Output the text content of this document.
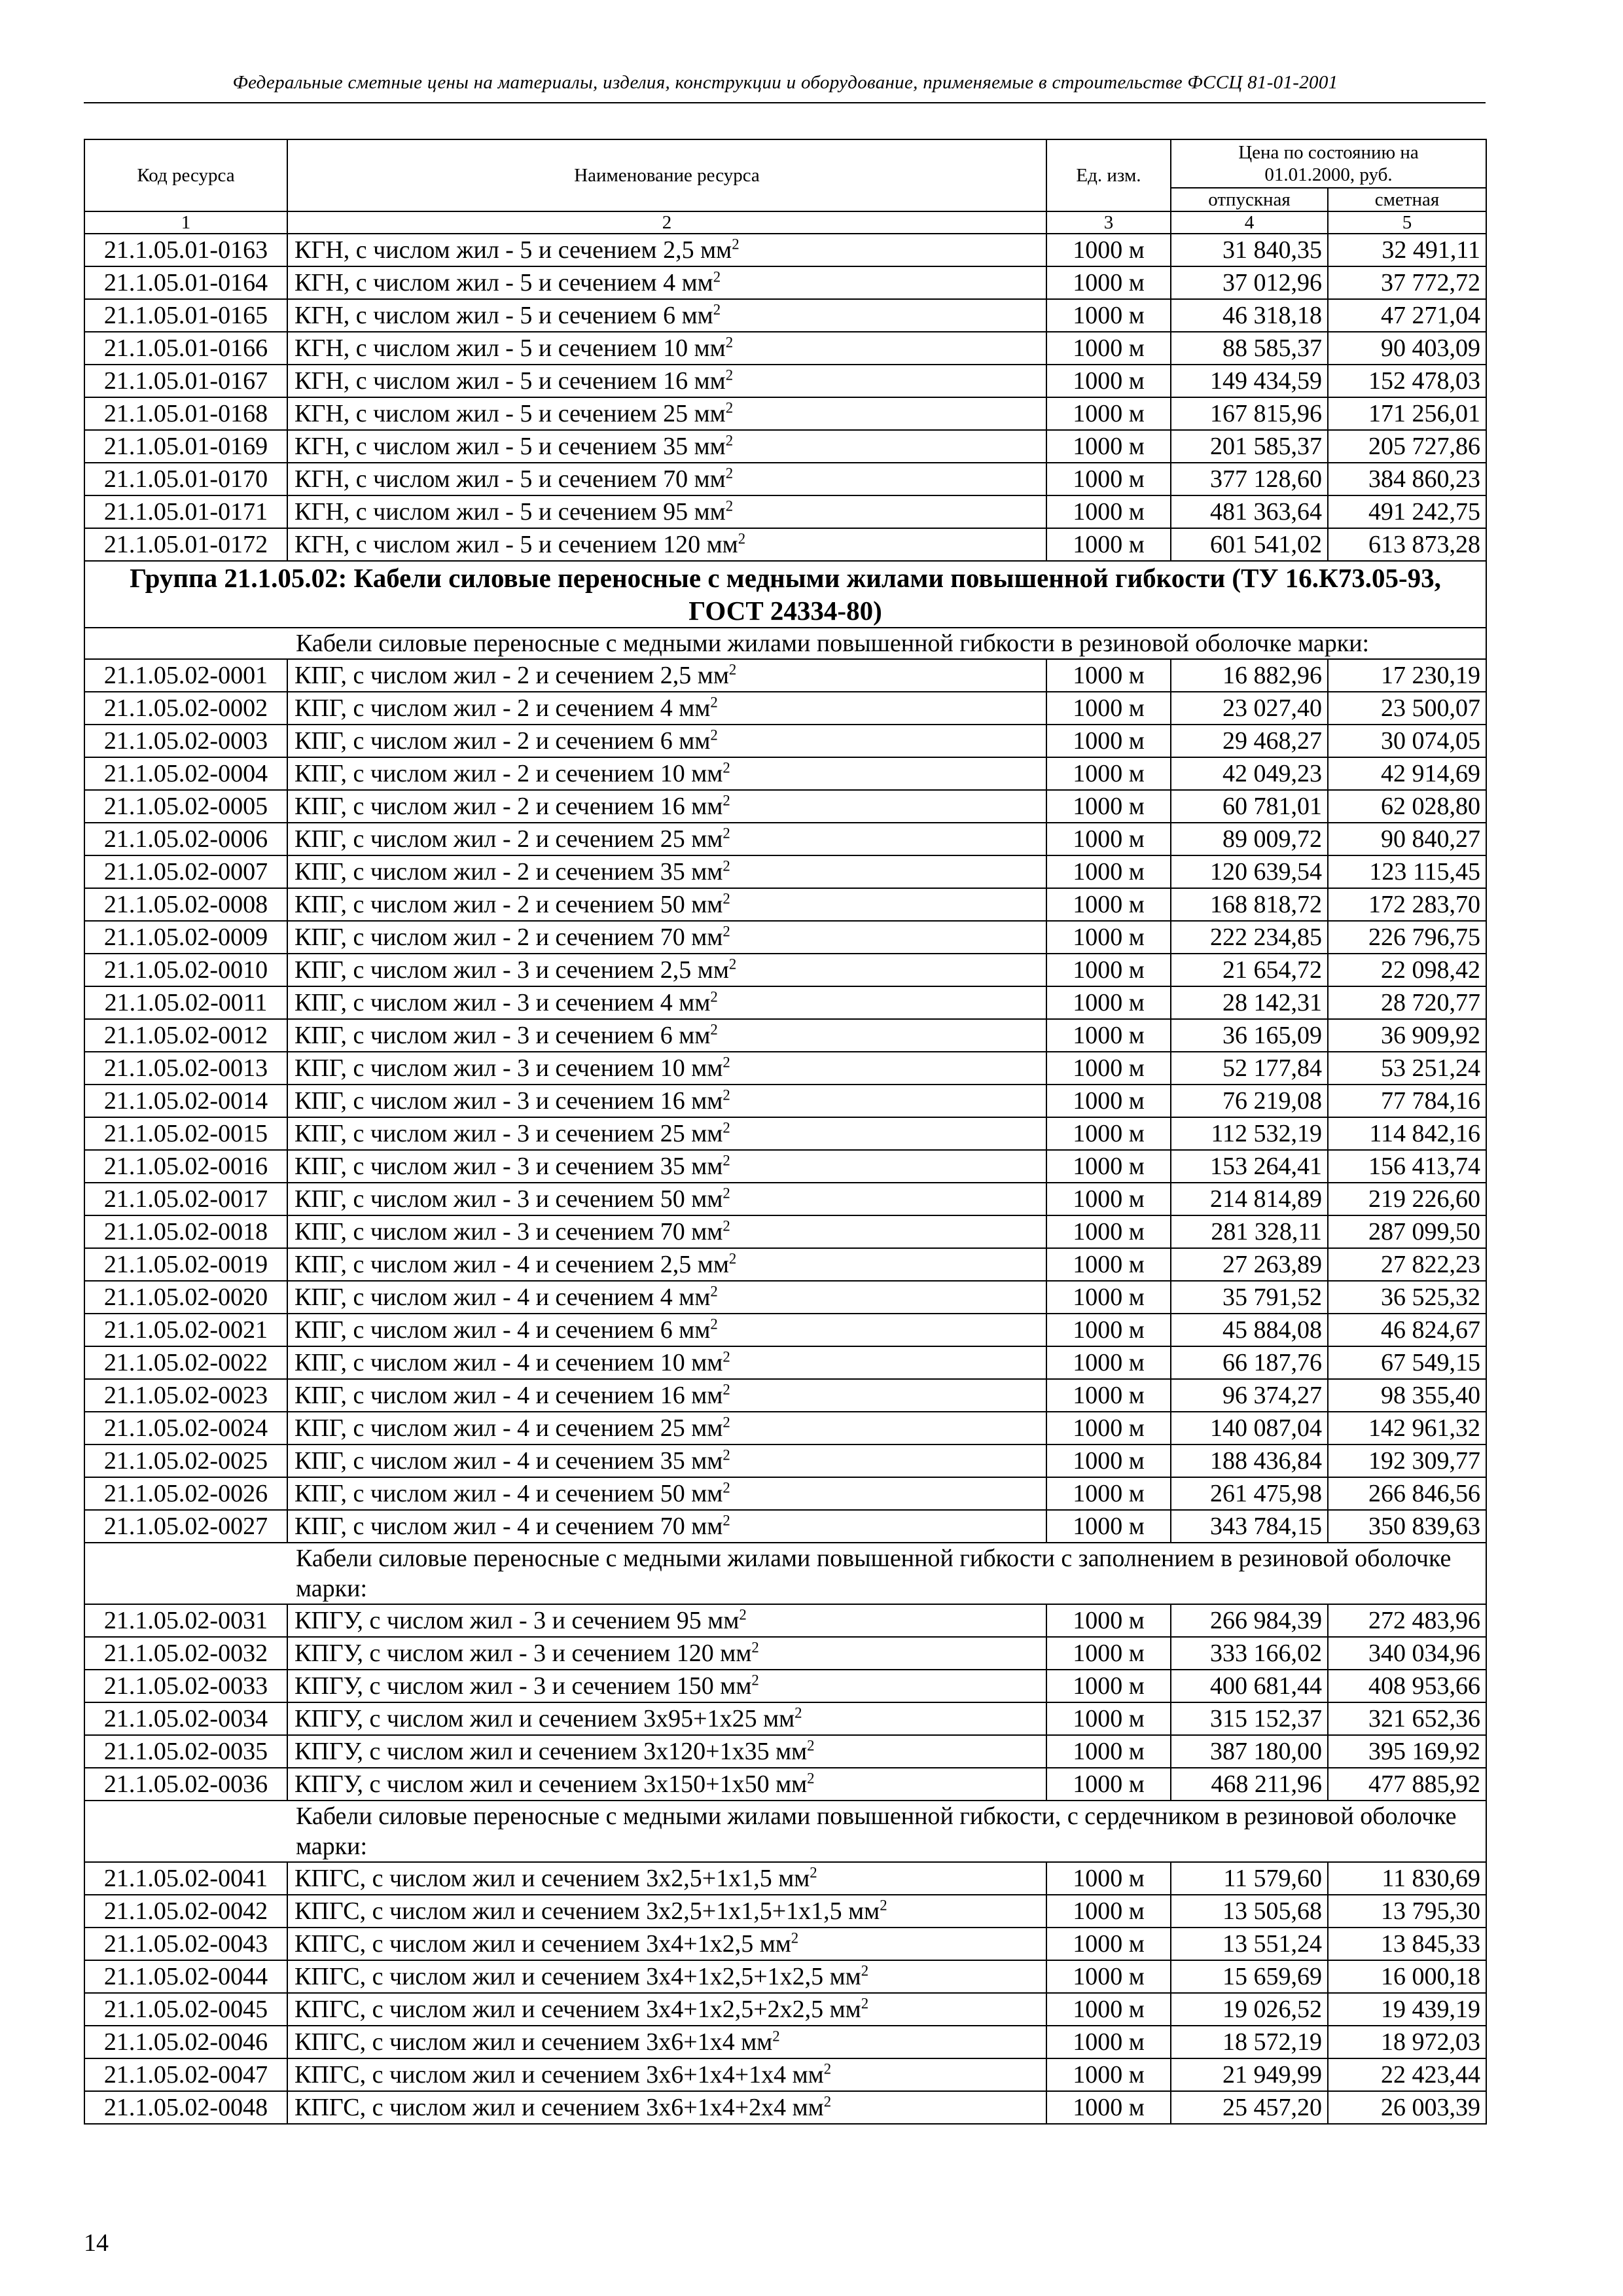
Федеральные сметные цены на материалы, изделия, конструкции и оборудование, применяемые в строительстве ФССЦ 81-01-2001
Код ресурса	Наименование ресурса	Ед. изм.	Цена по состоянию на 01.01.2000, руб.	
			отпускная	сметная
1	2	3	4	5
21.1.05.01-0163	КГН, с числом жил - 5 и сечением 2,5 $мм^2$	1000 м	31 840,35	32 491,11
21.1.05.01-0164	КГН, с числом жил - 5 и сечением 4 $мм^2$	1000 м	37 012,96	37 772,72
21.1.05.01-0165	КГН, с числом жил - 5 и сечением 6 $мм^2$	1000 м	46 318,18	47 271,04
21.1.05.01-0166	КГН, с числом жил - 5 и сечением 10 $мм^2$	1000 м	88 585,37	90 403,09
21.1.05.01-0167	КГН, с числом жил - 5 и сечением 16 $мм^2$	1000 м	149 434,59	152 478,03
21.1.05.01-0168	КГН, с числом жил - 5 и сечением 25 $мм^2$	1000 м	167 815,96	171 256,01
21.1.05.01-0169	КГН, с числом жил - 5 и сечением 35 $мм^2$	1000 м	201 585,37	205 727,86
21.1.05.01-0170	КГН, с числом жил - 5 и сечением 70 $мм^2$	1000 м	377 128,60	384 860,23
21.1.05.01-0171	КГН, с числом жил - 5 и сечением 95 $мм^2$	1000 м	481 363,64	491 242,75
21.1.05.01-0172	КГН, с числом жил - 5 и сечением 120 $мм^2$	1000 м	601 541,02	613 873,28
Группа 21.1.05.02: Кабели силовые переносные с медными жилами повышенной гибкости (ТУ 16.К73.05-93, ГОСТ 24334-80)				
Кабели силовые переносные с медными жилами повышенной гибкости в резиновой оболочке марки:				
21.1.05.02-0001	КПГ, с числом жил - 2 и сечением 2,5 $мм^2$	1000 м	16 882,96	17 230,19
21.1.05.02-0002	КПГ, с числом жил - 2 и сечением 4 $мм^2$	1000 м	23 027,40	23 500,07
21.1.05.02-0003	КПГ, с числом жил - 2 и сечением 6 $мм^2$	1000 м	29 468,27	30 074,05
21.1.05.02-0004	КПГ, с числом жил - 2 и сечением 10 $мм^2$	1000 м	42 049,23	42 914,69
21.1.05.02-0005	КПГ, с числом жил - 2 и сечением 16 $мм^2$	1000 м	60 781,01	62 028,80
21.1.05.02-0006	КПГ, с числом жил - 2 и сечением 25 $мм^2$	1000 м	89 009,72	90 840,27
21.1.05.02-0007	КПГ, с числом жил - 2 и сечением 35 $мм^2$	1000 м	120 639,54	123 115,45
21.1.05.02-0008	КПГ, с числом жил - 2 и сечением 50 $мм^2$	1000 м	168 818,72	172 283,70
21.1.05.02-0009	КПГ, с числом жил - 2 и сечением 70 $мм^2$	1000 м	222 234,85	226 796,75
21.1.05.02-0010	КПГ, с числом жил - 3 и сечением 2,5 $мм^2$	1000 м	21 654,72	22 098,42
21.1.05.02-0011	КПГ, с числом жил - 3 и сечением 4 $мм^2$	1000 м	28 142,31	28 720,77
21.1.05.02-0012	КПГ, с числом жил - 3 и сечением 6 $мм^2$	1000 м	36 165,09	36 909,92
21.1.05.02-0013	КПГ, с числом жил - 3 и сечением 10 $мм^2$	1000 м	52 177,84	53 251,24
21.1.05.02-0014	КПГ, с числом жил - 3 и сечением 16 $мм^2$	1000 м	76 219,08	77 784,16
21.1.05.02-0015	КПГ, с числом жил - 3 и сечением 25 $мм^2$	1000 м	112 532,19	114 842,16
21.1.05.02-0016	КПГ, с числом жил - 3 и сечением 35 $мм^2$	1000 м	153 264,41	156 413,74
21.1.05.02-0017	КПГ, с числом жил - 3 и сечением 50 $мм^2$	1000 м	214 814,89	219 226,60
21.1.05.02-0018	КПГ, с числом жил - 3 и сечением 70 $мм^2$	1000 м	281 328,11	287 099,50
21.1.05.02-0019	КПГ, с числом жил - 4 и сечением 2,5 $мм^2$	1000 м	27 263,89	27 822,23
21.1.05.02-0020	КПГ, с числом жил - 4 и сечением 4 $мм^2$	1000 м	35 791,52	36 525,32
21.1.05.02-0021	КПГ, с числом жил - 4 и сечением 6 $мм^2$	1000 м	45 884,08	46 824,67
21.1.05.02-0022	КПГ, с числом жил - 4 и сечением 10 $мм^2$	1000 м	66 187,76	67 549,15
21.1.05.02-0023	КПГ, с числом жил - 4 и сечением 16 $мм^2$	1000 м	96 374,27	98 355,40
21.1.05.02-0024	КПГ, с числом жил - 4 и сечением 25 $мм^2$	1000 м	140 087,04	142 961,32
21.1.05.02-0025	КПГ, с числом жил - 4 и сечением 35 $мм^2$	1000 м	188 436,84	192 309,77
21.1.05.02-0026	КПГ, с числом жил - 4 и сечением 50 $мм^2$	1000 м	261 475,98	266 846,56
21.1.05.02-0027	КПГ, с числом жил - 4 и сечением 70 $мм^2$	1000 м	343 784,15	350 839,63
Кабели силовые переносные с медными жилами повышенной гибкости с заполнением в резиновой оболочке марки:				
21.1.05.02-0031	КПГУ, с числом жил - 3 и сечением 95 $мм^2$	1000 м	266 984,39	272 483,96
21.1.05.02-0032	КПГУ, с числом жил - 3 и сечением 120 $мм^2$	1000 м	333 166,02	340 034,96
21.1.05.02-0033	КПГУ, с числом жил - 3 и сечением 150 $мм^2$	1000 м	400 681,44	408 953,66
21.1.05.02-0034	КПГУ, с числом жил и сечением 3х95+1х25 $мм^2$	1000 м	315 152,37	321 652,36
21.1.05.02-0035	КПГУ, с числом жил и сечением 3х120+1х35 $мм^2$	1000 м	387 180,00	395 169,92
21.1.05.02-0036	КПГУ, с числом жил и сечением 3х150+1х50 $мм^2$	1000 м	468 211,96	477 885,92
Кабели силовые переносные с медными жилами повышенной гибкости, с сердечником в резиновой оболочке марки:				
21.1.05.02-0041	КПГС, с числом жил и сечением 3х2,5+1х1,5 $мм^2$	1000 м	11 579,60	11 830,69
21.1.05.02-0042	КПГС, с числом жил и сечением 3х2,5+1х1,5+1х1,5 $мм^2$	1000 м	13 505,68	13 795,30
21.1.05.02-0043	КПГС, с числом жил и сечением 3х4+1х2,5 $мм^2$	1000 м	13 551,24	13 845,33
21.1.05.02-0044	КПГС, с числом жил и сечением 3х4+1х2,5+1х2,5 $мм^2$	1000 м	15 659,69	16 000,18
21.1.05.02-0045	КПГС, с числом жил и сечением 3х4+1х2,5+2х2,5 $мм^2$	1000 м	19 026,52	19 439,19
21.1.05.02-0046	КПГС, с числом жил и сечением 3х6+1х4 $мм^2$	1000 м	18 572,19	18 972,03
21.1.05.02-0047	КПГС, с числом жил и сечением 3х6+1х4+1х4 $мм^2$	1000 м	21 949,99	22 423,44
21.1.05.02-0048	КПГС, с числом жил и сечением 3х6+1х4+2х4 $мм^2$	1000 м	25 457,20	26 003,39
14
